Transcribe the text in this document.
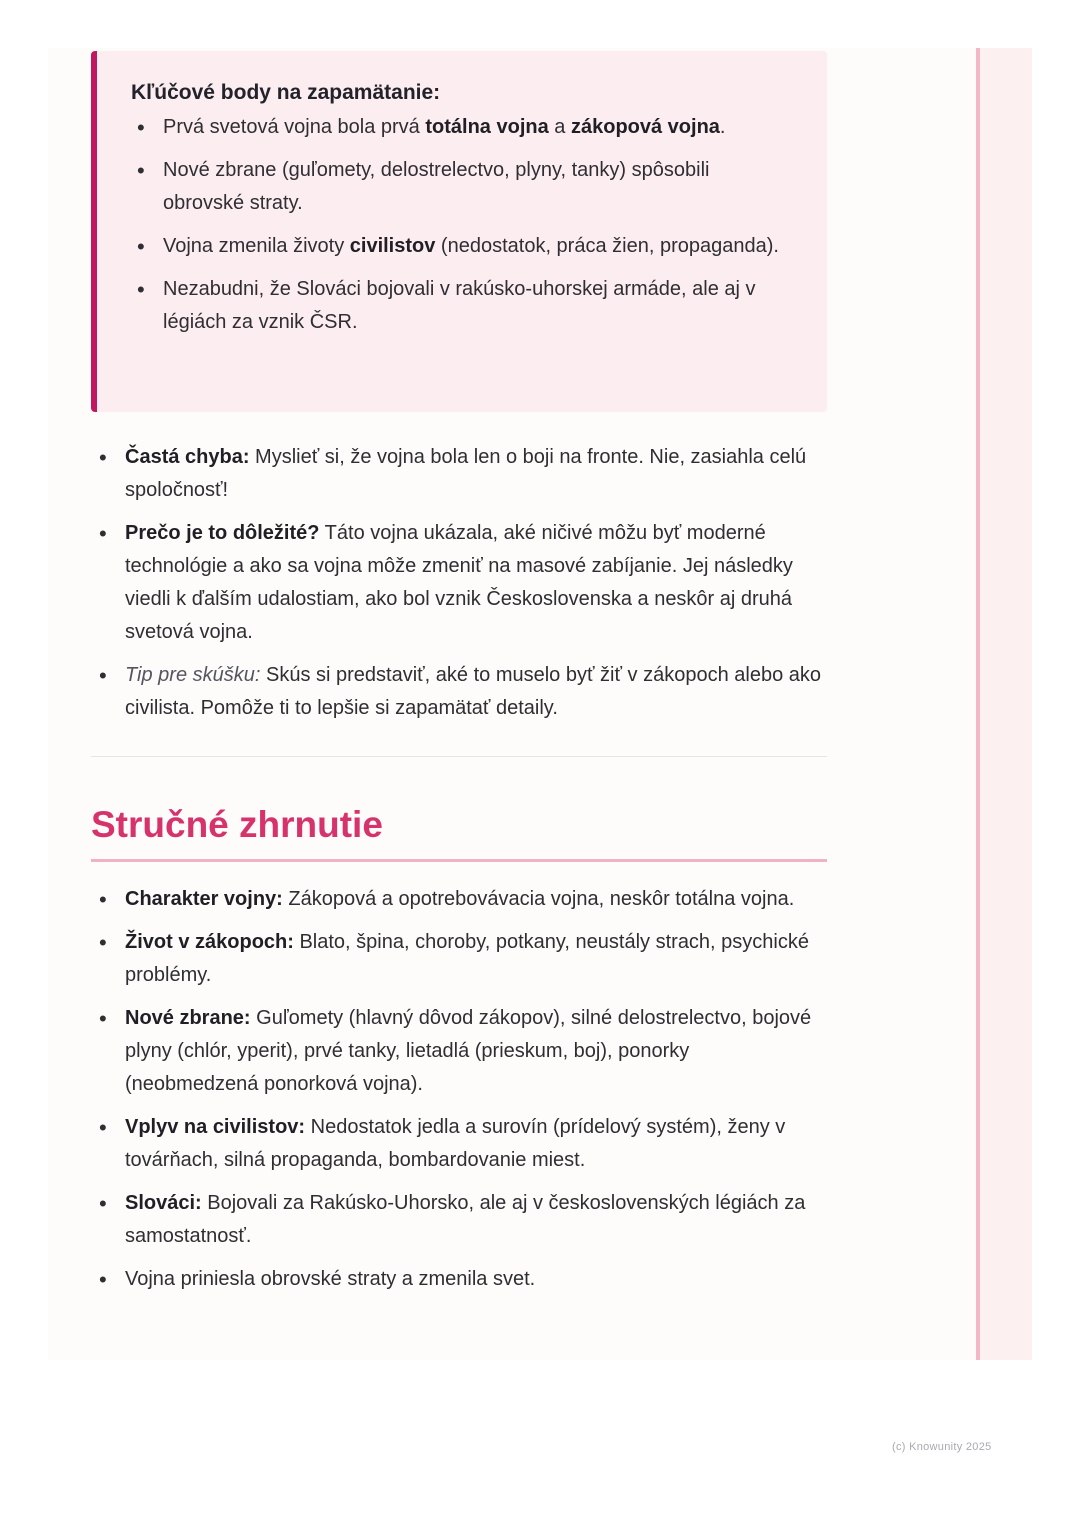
Kľúčové body na zapamätanie:
• Prvá svetová vojna bola prvá totálna vojna a zákopová vojna.
• Nové zbrane (guľomety, delostrelectvo, plyny, tanky) spôsobili obrovské straty.
• Vojna zmenila životy civilistov (nedostatok, práca žien, propaganda).
• Nezabudni, že Slováci bojovali v rakúsko-uhorskej armáde, ale aj v légiách za vznik ČSR.
• Častá chyba: Myslieť si, že vojna bola len o boji na fronte. Nie, zasiahla celú spoločnosť!
• Prečo je to dôležité? Táto vojna ukázala, aké ničivé môžu byť moderné technológie a ako sa vojna môže zmeniť na masové zabíjanie. Jej následky viedli k ďalším udalostiam, ako bol vznik Československa a neskôr aj druhá svetová vojna.
• Tip pre skúšku: Skús si predstaviť, aké to muselo byť žiť v zákopoch alebo ako civilista. Pomôže ti to lepšie si zapamätať detaily.
Stručné zhrnutie
• Charakter vojny: Zákopová a opotrebovávacia vojna, neskôr totálna vojna.
• Život v zákopoch: Blato, špina, choroby, potkany, neustály strach, psychické problémy.
• Nové zbrane: Guľomety (hlavný dôvod zákopov), silné delostrelectvo, bojové plyny (chlór, yperit), prvé tanky, lietadlá (prieskum, boj), ponorky (neobmedzená ponorková vojna).
• Vplyv na civilistov: Nedostatok jedla a surovín (prídelový systém), ženy v továrňach, silná propaganda, bombardovanie miest.
• Slováci: Bojovali za Rakúsko-Uhorsko, ale aj v československých légiách za samostatnosť.
• Vojna priniesla obrovské straty a zmenila svet.
(c) Knowunity 2025
